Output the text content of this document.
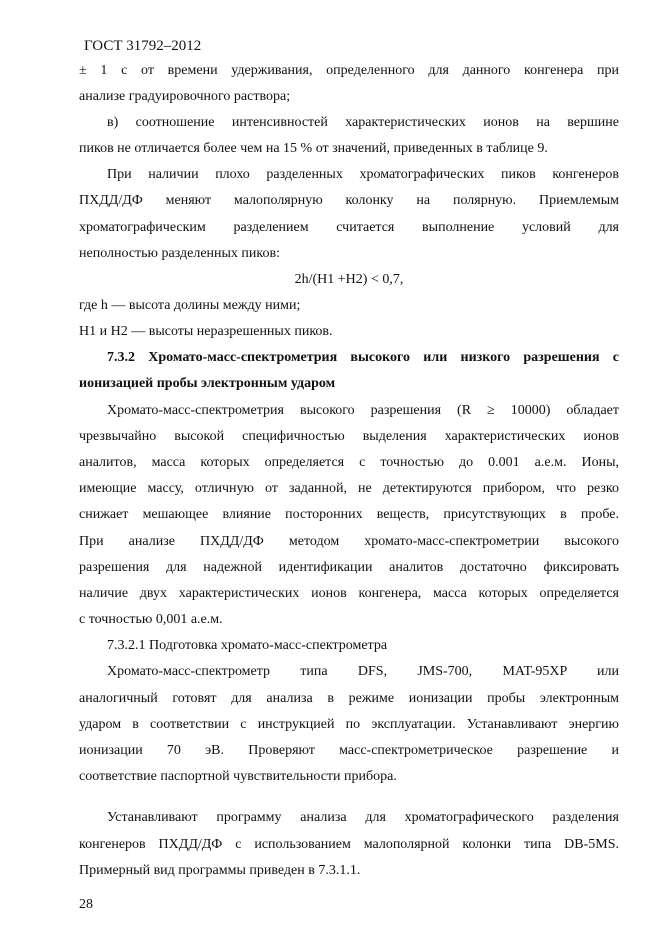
ГОСТ 31792–2012
± 1 с от времени удерживания, определенного для данного конгенера при
анализе градуировочного раствора;
в) соотношение интенсивностей характеристических ионов на вершине
пиков не отличается более чем на 15 % от значений, приведенных в таблице 9.
При наличии плохо разделенных хроматографических пиков конгенеров
ПХДД/ДФ меняют малополярную колонку на полярную. Приемлемым
хроматографическим разделением считается выполнение условий для
неполностью разделенных пиков:
2h/(H1 +H2) < 0,7,
где h — высота долины между ними;
H1 и H2 — высоты неразрешенных пиков.
7.3.2 Хромато-масс-спектрометрия высокого или низкого разрешения с
ионизацией пробы электронным ударом
Хромато-масс-спектрометрия высокого разрешения (R ≥ 10000) обладает
чрезвычайно высокой специфичностью выделения характеристических ионов
аналитов, масса которых определяется с точностью до 0.001 а.е.м. Ионы,
имеющие массу, отличную от заданной, не детектируются прибором, что резко
снижает мешающее влияние посторонних веществ, присутствующих в пробе.
При анализе ПХДД/ДФ методом хромато-масс-спектрометрии высокого
разрешения для надежной идентификации аналитов достаточно фиксировать
наличие двух характеристических ионов конгенера, масса которых определяется
с точностью 0,001 а.е.м.
7.3.2.1 Подготовка хромато-масс-спектрометра
Хромато-масс-спектрометр типа DFS, JMS-700, MAT-95XP или
аналогичный готовят для анализа в режиме ионизации пробы электронным
ударом в соответствии с инструкцией по эксплуатации. Устанавливают энергию
ионизации 70 эВ. Проверяют масс-спектрометрическое разрешение и
соответствие паспортной чувствительности прибора.
Устанавливают программу анализа для хроматографического разделения
конгенеров ПХДД/ДФ с использованием малополярной колонки типа DB-5MS.
Примерный вид программы приведен в 7.3.1.1.
28
